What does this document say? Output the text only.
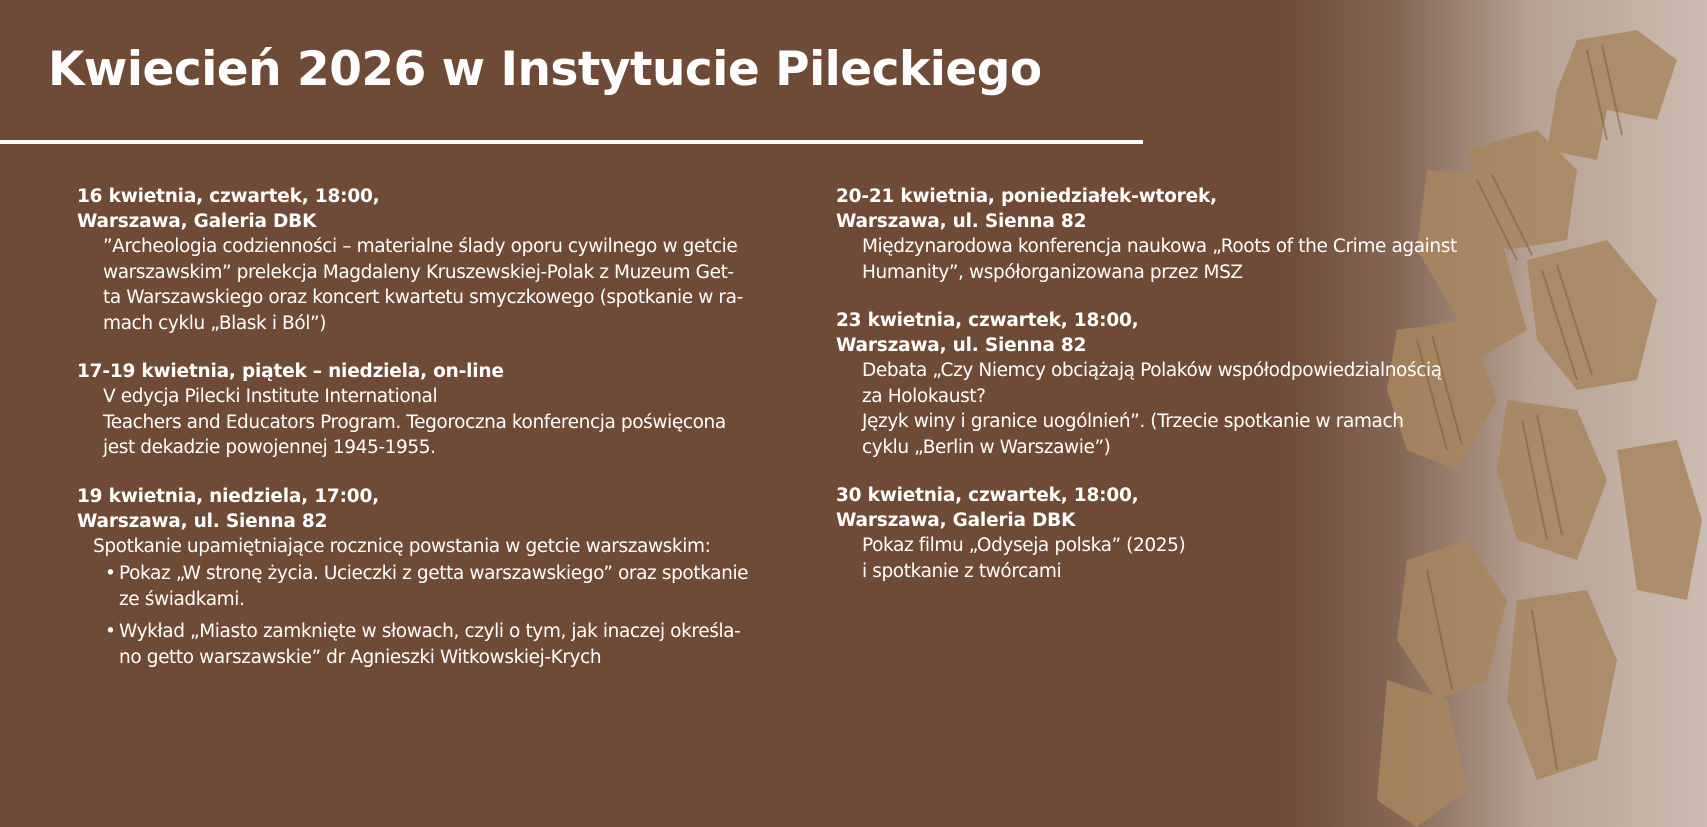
Kwiecień 2026 w Instytucie Pileckiego
16 kwietnia, czwartek, 18:00,
Warszawa, Galeria DBK
”Archeologia codzienności – materialne ślady oporu cywilnego w getcie
warszawskim” prelekcja Magdaleny Kruszewskiej-Polak z Muzeum Get-
ta Warszawskiego oraz koncert kwartetu smyczkowego (spotkanie w ra-
mach cyklu „Blask i Ból”)
17-19 kwietnia, piątek – niedziela, on-line
V edycja Pilecki Institute International
Teachers and Educators Program. Tegoroczna konferencja poświęcona
jest dekadzie powojennej 1945-1955.
19 kwietnia, niedziela, 17:00,
Warszawa, ul. Sienna 82
Spotkanie upamiętniające rocznicę powstania w getcie warszawskim:
• Pokaz „W stronę życia. Ucieczki z getta warszawskiego” oraz spotkanie
ze świadkami.
• Wykład „Miasto zamknięte w słowach, czyli o tym, jak inaczej określa-
no getto warszawskie” dr Agnieszki Witkowskiej-Krych
20-21 kwietnia, poniedziałek-wtorek,
Warszawa, ul. Sienna 82
Międzynarodowa konferencja naukowa „Roots of the Crime against
Humanity”, współorganizowana przez MSZ
23 kwietnia, czwartek, 18:00,
Warszawa, ul. Sienna 82
Debata „Czy Niemcy obciążają Polaków współodpowiedzialnością
za Holokaust?
Język winy i granice uogólnień”. (Trzecie spotkanie w ramach
cyklu „Berlin w Warszawie”)
30 kwietnia, czwartek, 18:00,
Warszawa, Galeria DBK
Pokaz filmu „Odyseja polska” (2025)
i spotkanie z twórcami
